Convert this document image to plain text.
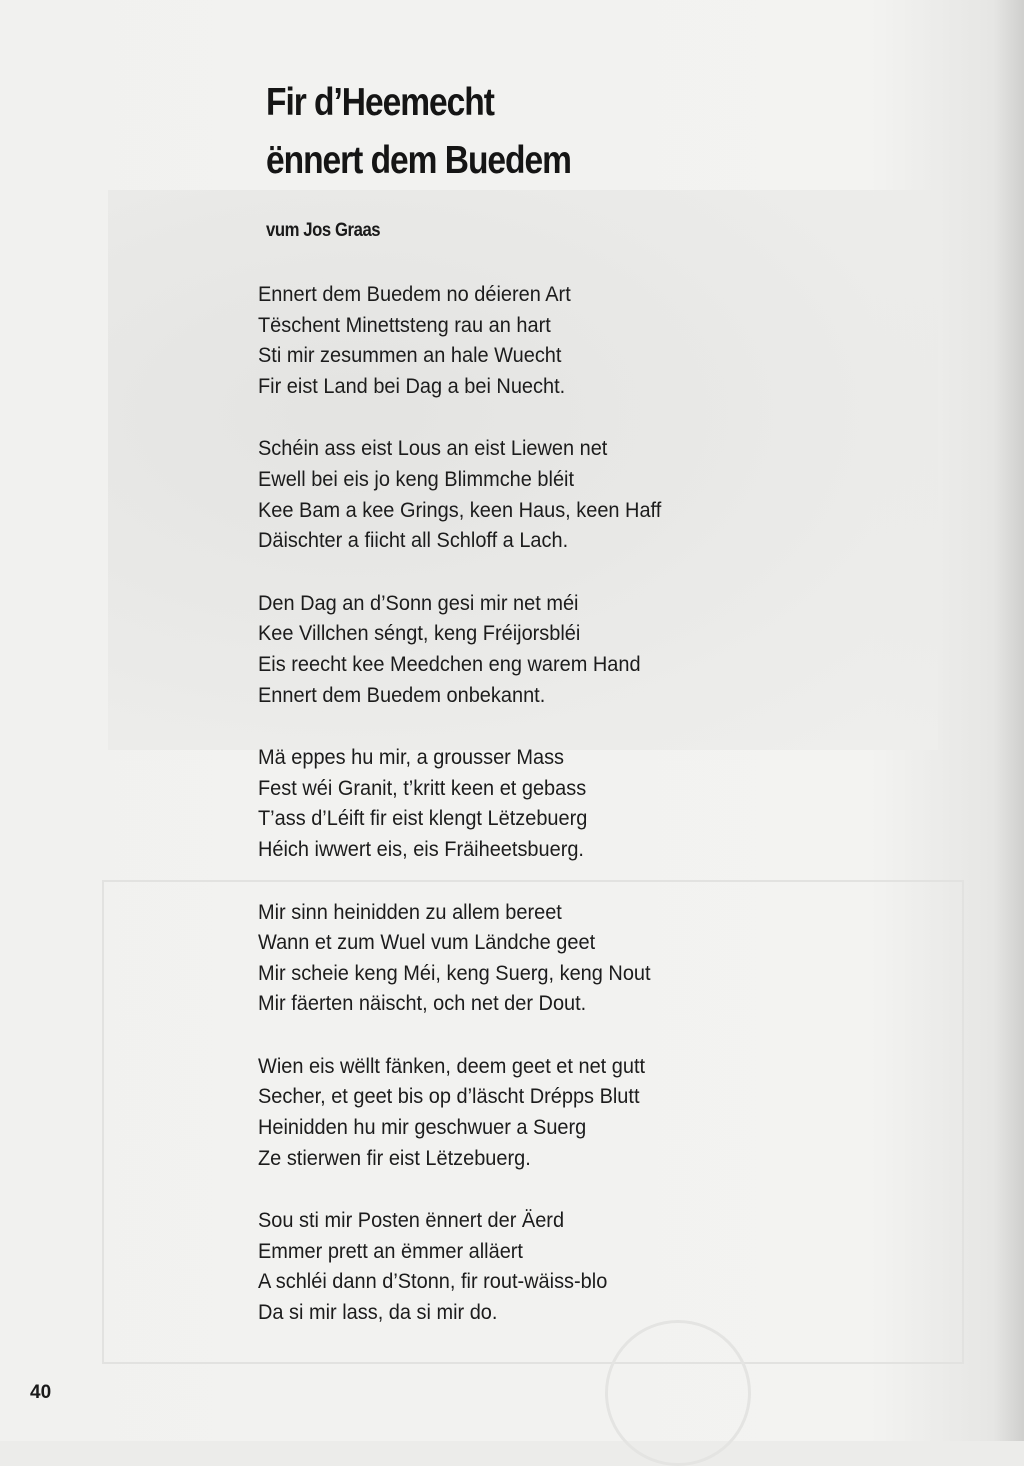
Fir d’Heemecht
ënnert dem Buedem
vum Jos Graas
Ennert dem Buedem no déieren Art
Tëschent Minettsteng rau an hart
Sti mir zesummen an hale Wuecht
Fir eist Land bei Dag a bei Nuecht.
Schéin ass eist Lous an eist Liewen net
Ewell bei eis jo keng Blimmche bléit
Kee Bam a kee Grings, keen Haus, keen Haff
Däischter a fiicht all Schloff a Lach.
Den Dag an d’Sonn gesi mir net méi
Kee Villchen séngt, keng Fréijorsbléi
Eis reecht kee Meedchen eng warem Hand
Ennert dem Buedem onbekannt.
Mä eppes hu mir, a grousser Mass
Fest wéi Granit, t’kritt keen et gebass
T’ass d’Léift fir eist klengt Lëtzebuerg
Héich iwwert eis, eis Fräiheetsbuerg.
Mir sinn heinidden zu allem bereet
Wann et zum Wuel vum Ländche geet
Mir scheie keng Méi, keng Suerg, keng Nout
Mir fäerten näischt, och net der Dout.
Wien eis wëllt fänken, deem geet et net gutt
Secher, et geet bis op d’läscht Drépps Blutt
Heinidden hu mir geschwuer a Suerg
Ze stierwen fir eist Lëtzebuerg.
Sou sti mir Posten ënnert der Äerd
Emmer prett an ëmmer alläert
A schléi dann d’Stonn, fir rout-wäiss-blo
Da si mir lass, da si mir do.
40
